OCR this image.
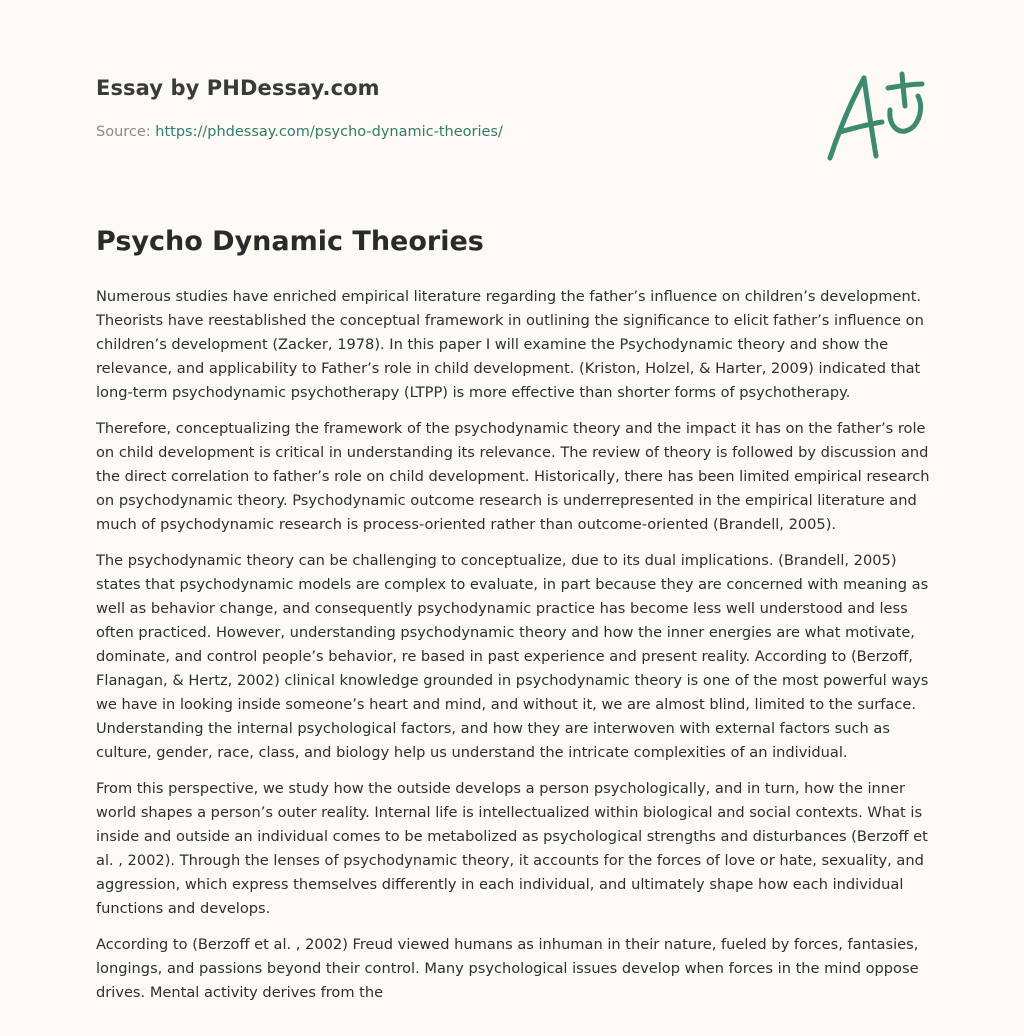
Essay by PHDessay.com
Source: https://phdessay.com/psycho-dynamic-theories/
Psycho Dynamic Theories

Numerous studies have enriched empirical literature regarding the father’s influence on children’s development. Theorists have reestablished the conceptual framework in outlining the significance to elicit father’s influence on children’s development (Zacker, 1978). In this paper I will examine the Psychodynamic theory and show the relevance, and applicability to Father’s role in child development. (Kriston, Holzel, & Harter, 2009) indicated that long-term psychodynamic psychotherapy (LTPP) is more effective than shorter forms of psychotherapy.

Therefore, conceptualizing the framework of the psychodynamic theory and the impact it has on the father’s role on child development is critical in understanding its relevance. The review of theory is followed by discussion and the direct correlation to father’s role on child development. Historically, there has been limited empirical research on psychodynamic theory. Psychodynamic outcome research is underrepresented in the empirical literature and much of psychodynamic research is process-oriented rather than outcome-oriented (Brandell, 2005).

The psychodynamic theory can be challenging to conceptualize, due to its dual implications. (Brandell, 2005) states that psychodynamic models are complex to evaluate, in part because they are concerned with meaning as well as behavior change, and consequently psychodynamic practice has become less well understood and less often practiced. However, understanding psychodynamic theory and how the inner energies are what motivate, dominate, and control people’s behavior, re based in past experience and present reality. According to (Berzoff, Flanagan, & Hertz, 2002) clinical knowledge grounded in psychodynamic theory is one of the most powerful ways we have in looking inside someone’s heart and mind, and without it, we are almost blind, limited to the surface. Understanding the internal psychological factors, and how they are interwoven with external factors such as culture, gender, race, class, and biology help us understand the intricate complexities of an individual.

From this perspective, we study how the outside develops a person psychologically, and in turn, how the inner world shapes a person’s outer reality. Internal life is intellectualized within biological and social contexts. What is inside and outside an individual comes to be metabolized as psychological strengths and disturbances (Berzoff et al. , 2002). Through the lenses of psychodynamic theory, it accounts for the forces of love or hate, sexuality, and aggression, which express themselves differently in each individual, and ultimately shape how each individual functions and develops.

According to (Berzoff et al. , 2002) Freud viewed humans as inhuman in their nature, fueled by forces, fantasies, longings, and passions beyond their control. Many psychological issues develop when forces in the mind oppose drives. Mental activity derives from the
